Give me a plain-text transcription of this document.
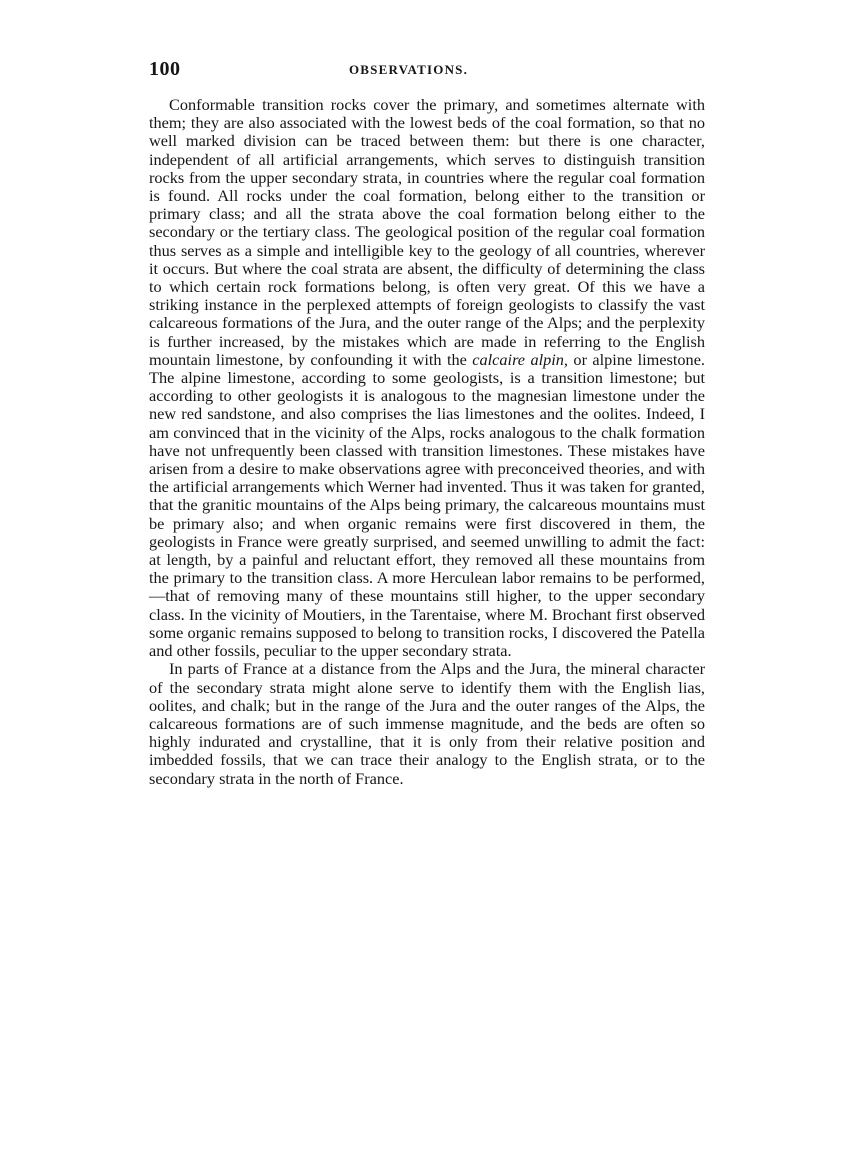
100	OBSERVATIONS.

Conformable transition rocks cover the primary, and sometimes alternate with them; they are also associated with the lowest beds of the coal formation, so that no well marked division can be traced between them: but there is one character, independent of all artificial arrangements, which serves to distinguish transition rocks from the upper secondary strata, in countries where the regular coal formation is found. All rocks under the coal formation, belong either to the transition or primary class; and all the strata above the coal formation belong either to the secondary or the tertiary class. The geological position of the regular coal formation thus serves as a simple and intelligible key to the geology of all countries, wherever it occurs. But where the coal strata are absent, the difficulty of determining the class to which certain rock formations belong, is often very great. Of this we have a striking instance in the perplexed attempts of foreign geologists to classify the vast calcareous formations of the Jura, and the outer range of the Alps; and the perplexity is further increased, by the mistakes which are made in referring to the English mountain limestone, by confounding it with the calcaire alpin, or alpine limestone. The alpine limestone, according to some geologists, is a transition limestone; but according to other geologists it is analogous to the magnesian limestone under the new red sandstone, and also comprises the lias limestones and the oolites. Indeed, I am convinced that in the vicinity of the Alps, rocks analogous to the chalk formation have not unfrequently been classed with transition limestones. These mistakes have arisen from a desire to make observations agree with preconceived theories, and with the artificial arrangements which Werner had invented. Thus it was taken for granted, that the granitic mountains of the Alps being primary, the calcareous mountains must be primary also; and when organic remains were first discovered in them, the geologists in France were greatly surprised, and seemed unwilling to admit the fact: at length, by a painful and reluctant effort, they removed all these mountains from the primary to the transition class. A more Herculean labor remains to be performed,—that of removing many of these mountains still higher, to the upper secondary class. In the vicinity of Moutiers, in the Tarentaise, where M. Brochant first observed some organic remains supposed to belong to transition rocks, I discovered the Patella and other fossils, peculiar to the upper secondary strata.

In parts of France at a distance from the Alps and the Jura, the mineral character of the secondary strata might alone serve to identify them with the English lias, oolites, and chalk; but in the range of the Jura and the outer ranges of the Alps, the calcareous formations are of such immense magnitude, and the beds are often so highly indurated and crystalline, that it is only from their relative position and imbedded fossils, that we can trace their analogy to the English strata, or to the secondary strata in the north of France.
